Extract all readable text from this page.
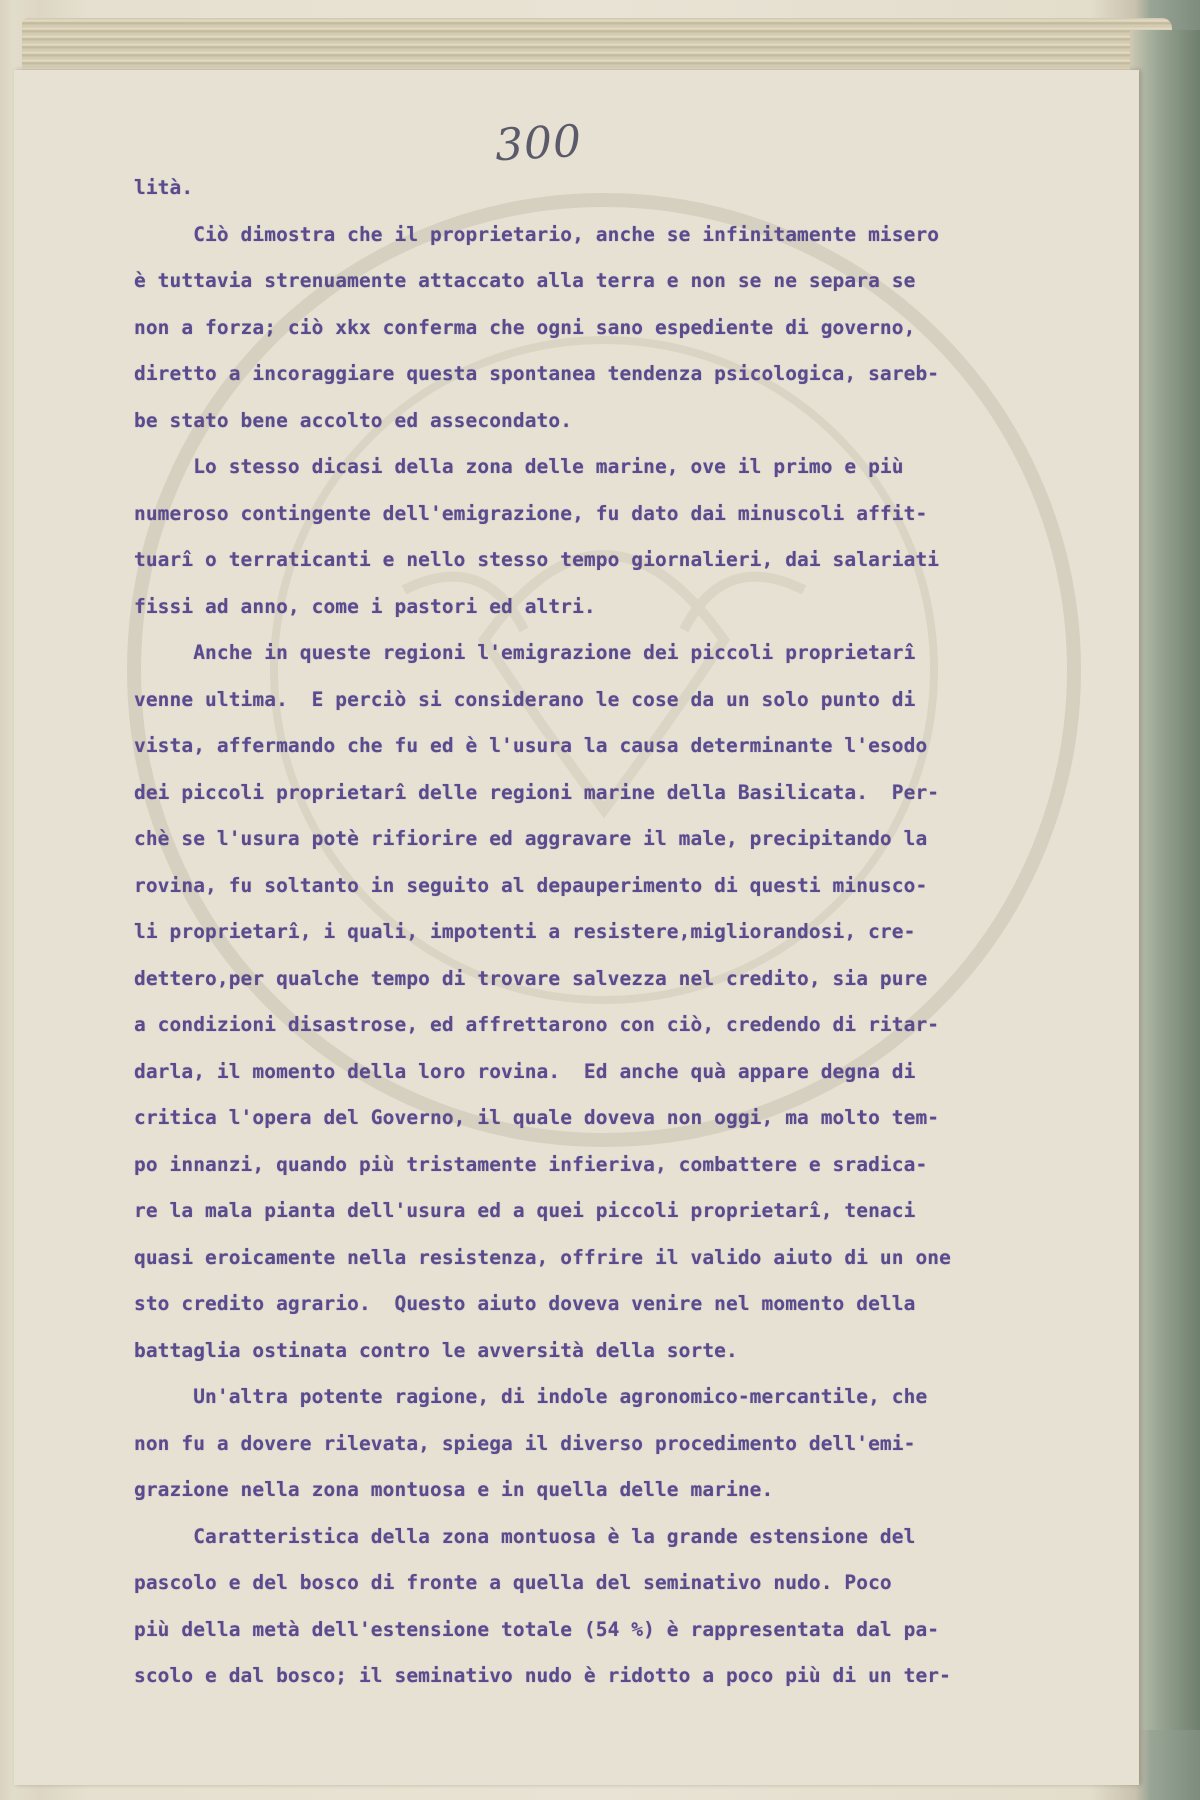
300
lità.
Ciò dimostra che il proprietario, anche se infinitamente misero
è tuttavia strenuamente attaccato alla terra e non se ne separa se
non a forza; ciò xkx conferma che ogni sano espediente di governo,
diretto a incoraggiare questa spontanea tendenza psicologica, sareb-
be stato bene accolto ed assecondato.
Lo stesso dicasi della zona delle marine, ove il primo e più
numeroso contingente dell'emigrazione, fu dato dai minuscoli affit-
tuarî o terraticanti e nello stesso tempo giornalieri, dai salariati
fissi ad anno, come i pastori ed altri.
Anche in queste regioni l'emigrazione dei piccoli proprietarî
venne ultima.  E perciò si considerano le cose da un solo punto di
vista, affermando che fu ed è l'usura la causa determinante l'esodo
dei piccoli proprietarî delle regioni marine della Basilicata.  Per-
chè se l'usura potè rifiorire ed aggravare il male, precipitando la
rovina, fu soltanto in seguito al depauperimento di questi minusco-
li proprietarî, i quali, impotenti a resistere,migliorandosi, cre-
dettero,per qualche tempo di trovare salvezza nel credito, sia pure
a condizioni disastrose, ed affrettarono con ciò, credendo di ritar-
darla, il momento della loro rovina.  Ed anche quà appare degna di
critica l'opera del Governo, il quale doveva non oggi, ma molto tem-
po innanzi, quando più tristamente infieriva, combattere e sradica-
re la mala pianta dell'usura ed a quei piccoli proprietarî, tenaci
quasi eroicamente nella resistenza, offrire il valido aiuto di un one
sto credito agrario.  Questo aiuto doveva venire nel momento della
battaglia ostinata contro le avversità della sorte.
Un'altra potente ragione, di indole agronomico-mercantile, che
non fu a dovere rilevata, spiega il diverso procedimento dell'emi-
grazione nella zona montuosa e in quella delle marine.
Caratteristica della zona montuosa è la grande estensione del
pascolo e del bosco di fronte a quella del seminativo nudo. Poco
più della metà dell'estensione totale (54 %) è rappresentata dal pa-
scolo e dal bosco; il seminativo nudo è ridotto a poco più di un ter-
